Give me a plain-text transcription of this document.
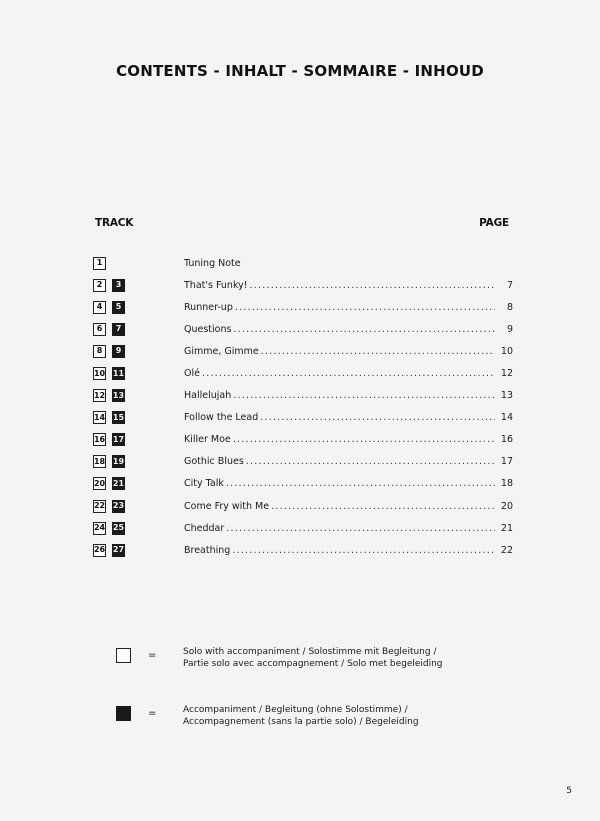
CONTENTS - INHALT - SOMMAIRE - INHOUD
TRACK	PAGE
1	Tuning Note
2	3	That's Funky! . . .	7
4	5	Runner-up . . .	8
6	7	Questions . . .	9
8	9	Gimme, Gimme . . .	10
10 11	Olé . . .	12
12 13	Hallelujah . . .	13
14 15	Follow the Lead . . .	14
16 17	Killer Moe . . .	16
18 19	Gothic Blues . . .	17
20 21	City Talk . . .	18
22 23	Come Fry with Me . . .	20
24 25	Cheddar . . .	21
26 27	Breathing . . .	22
=	Solo with accompaniment / Solostimme mit Begleitung /
Partie solo avec accompagnement / Solo met begeleiding
=	Accompaniment / Begleitung (ohne Solostimme) /
Accompagnement (sans la partie solo) / Begeleiding
5
